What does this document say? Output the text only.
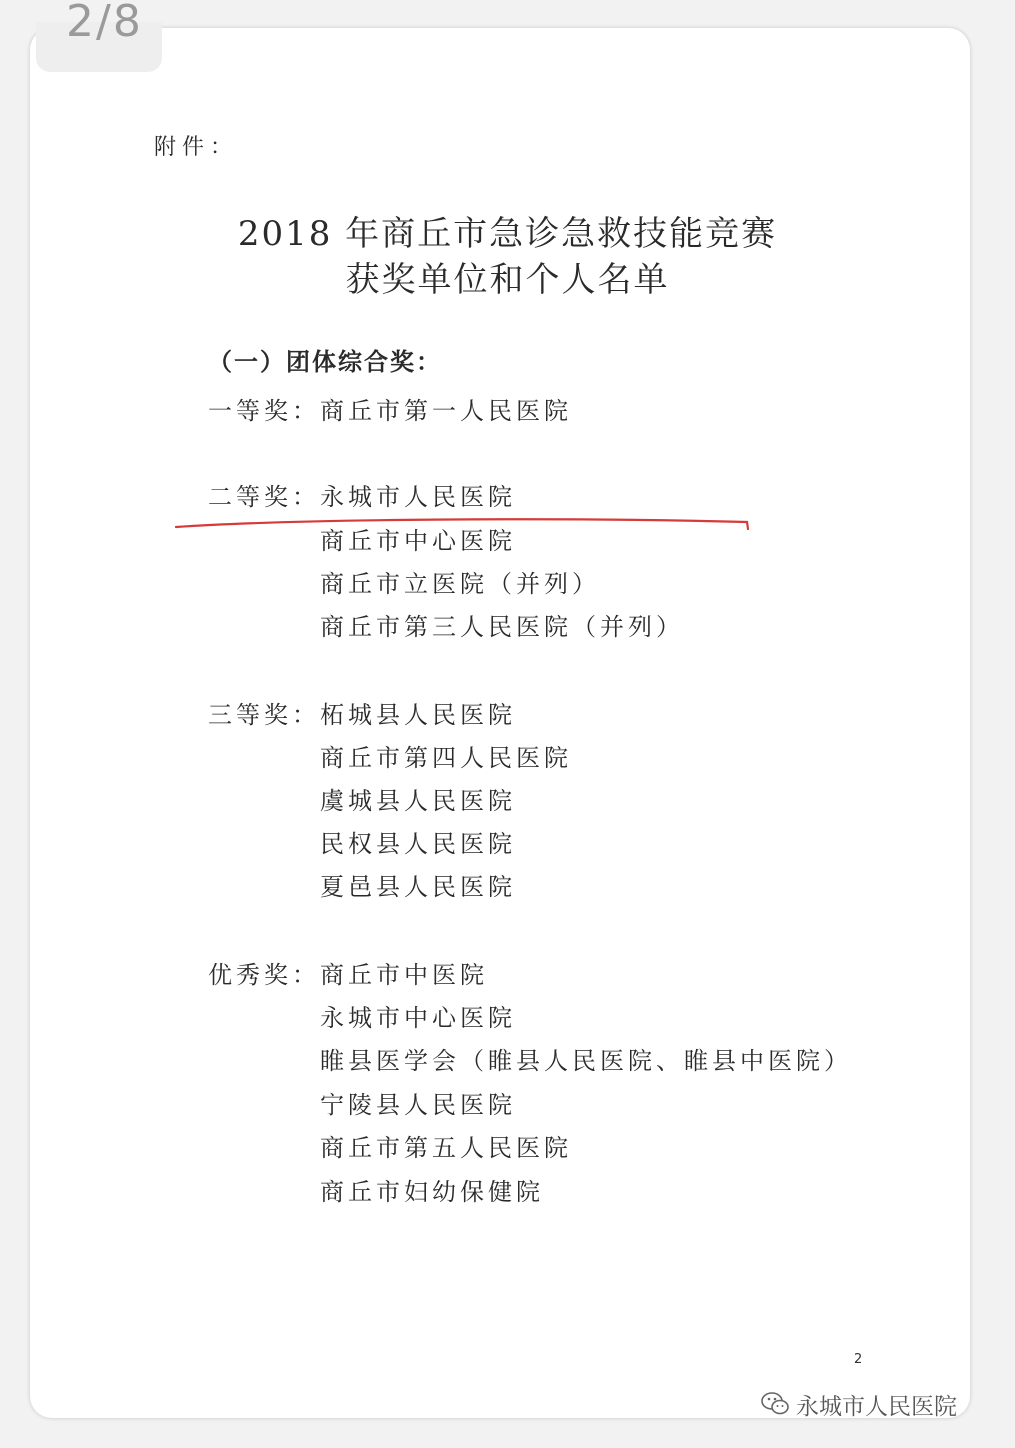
2/8
附件：
2018 年商丘市急诊急救技能竞赛
获奖单位和个人名单
（一）团体综合奖：
一等奖： 商丘市第一人民医院
二等奖： 永城市人民医院
商丘市中心医院
商丘市立医院（并列）
商丘市第三人民医院（并列）
三等奖： 柘城县人民医院
商丘市第四人民医院
虞城县人民医院
民权县人民医院
夏邑县人民医院
优秀奖： 商丘市中医院
永城市中心医院
睢县医学会（睢县人民医院、睢县中医院）
宁陵县人民医院
商丘市第五人民医院
商丘市妇幼保健院
2
永城市人民医院
